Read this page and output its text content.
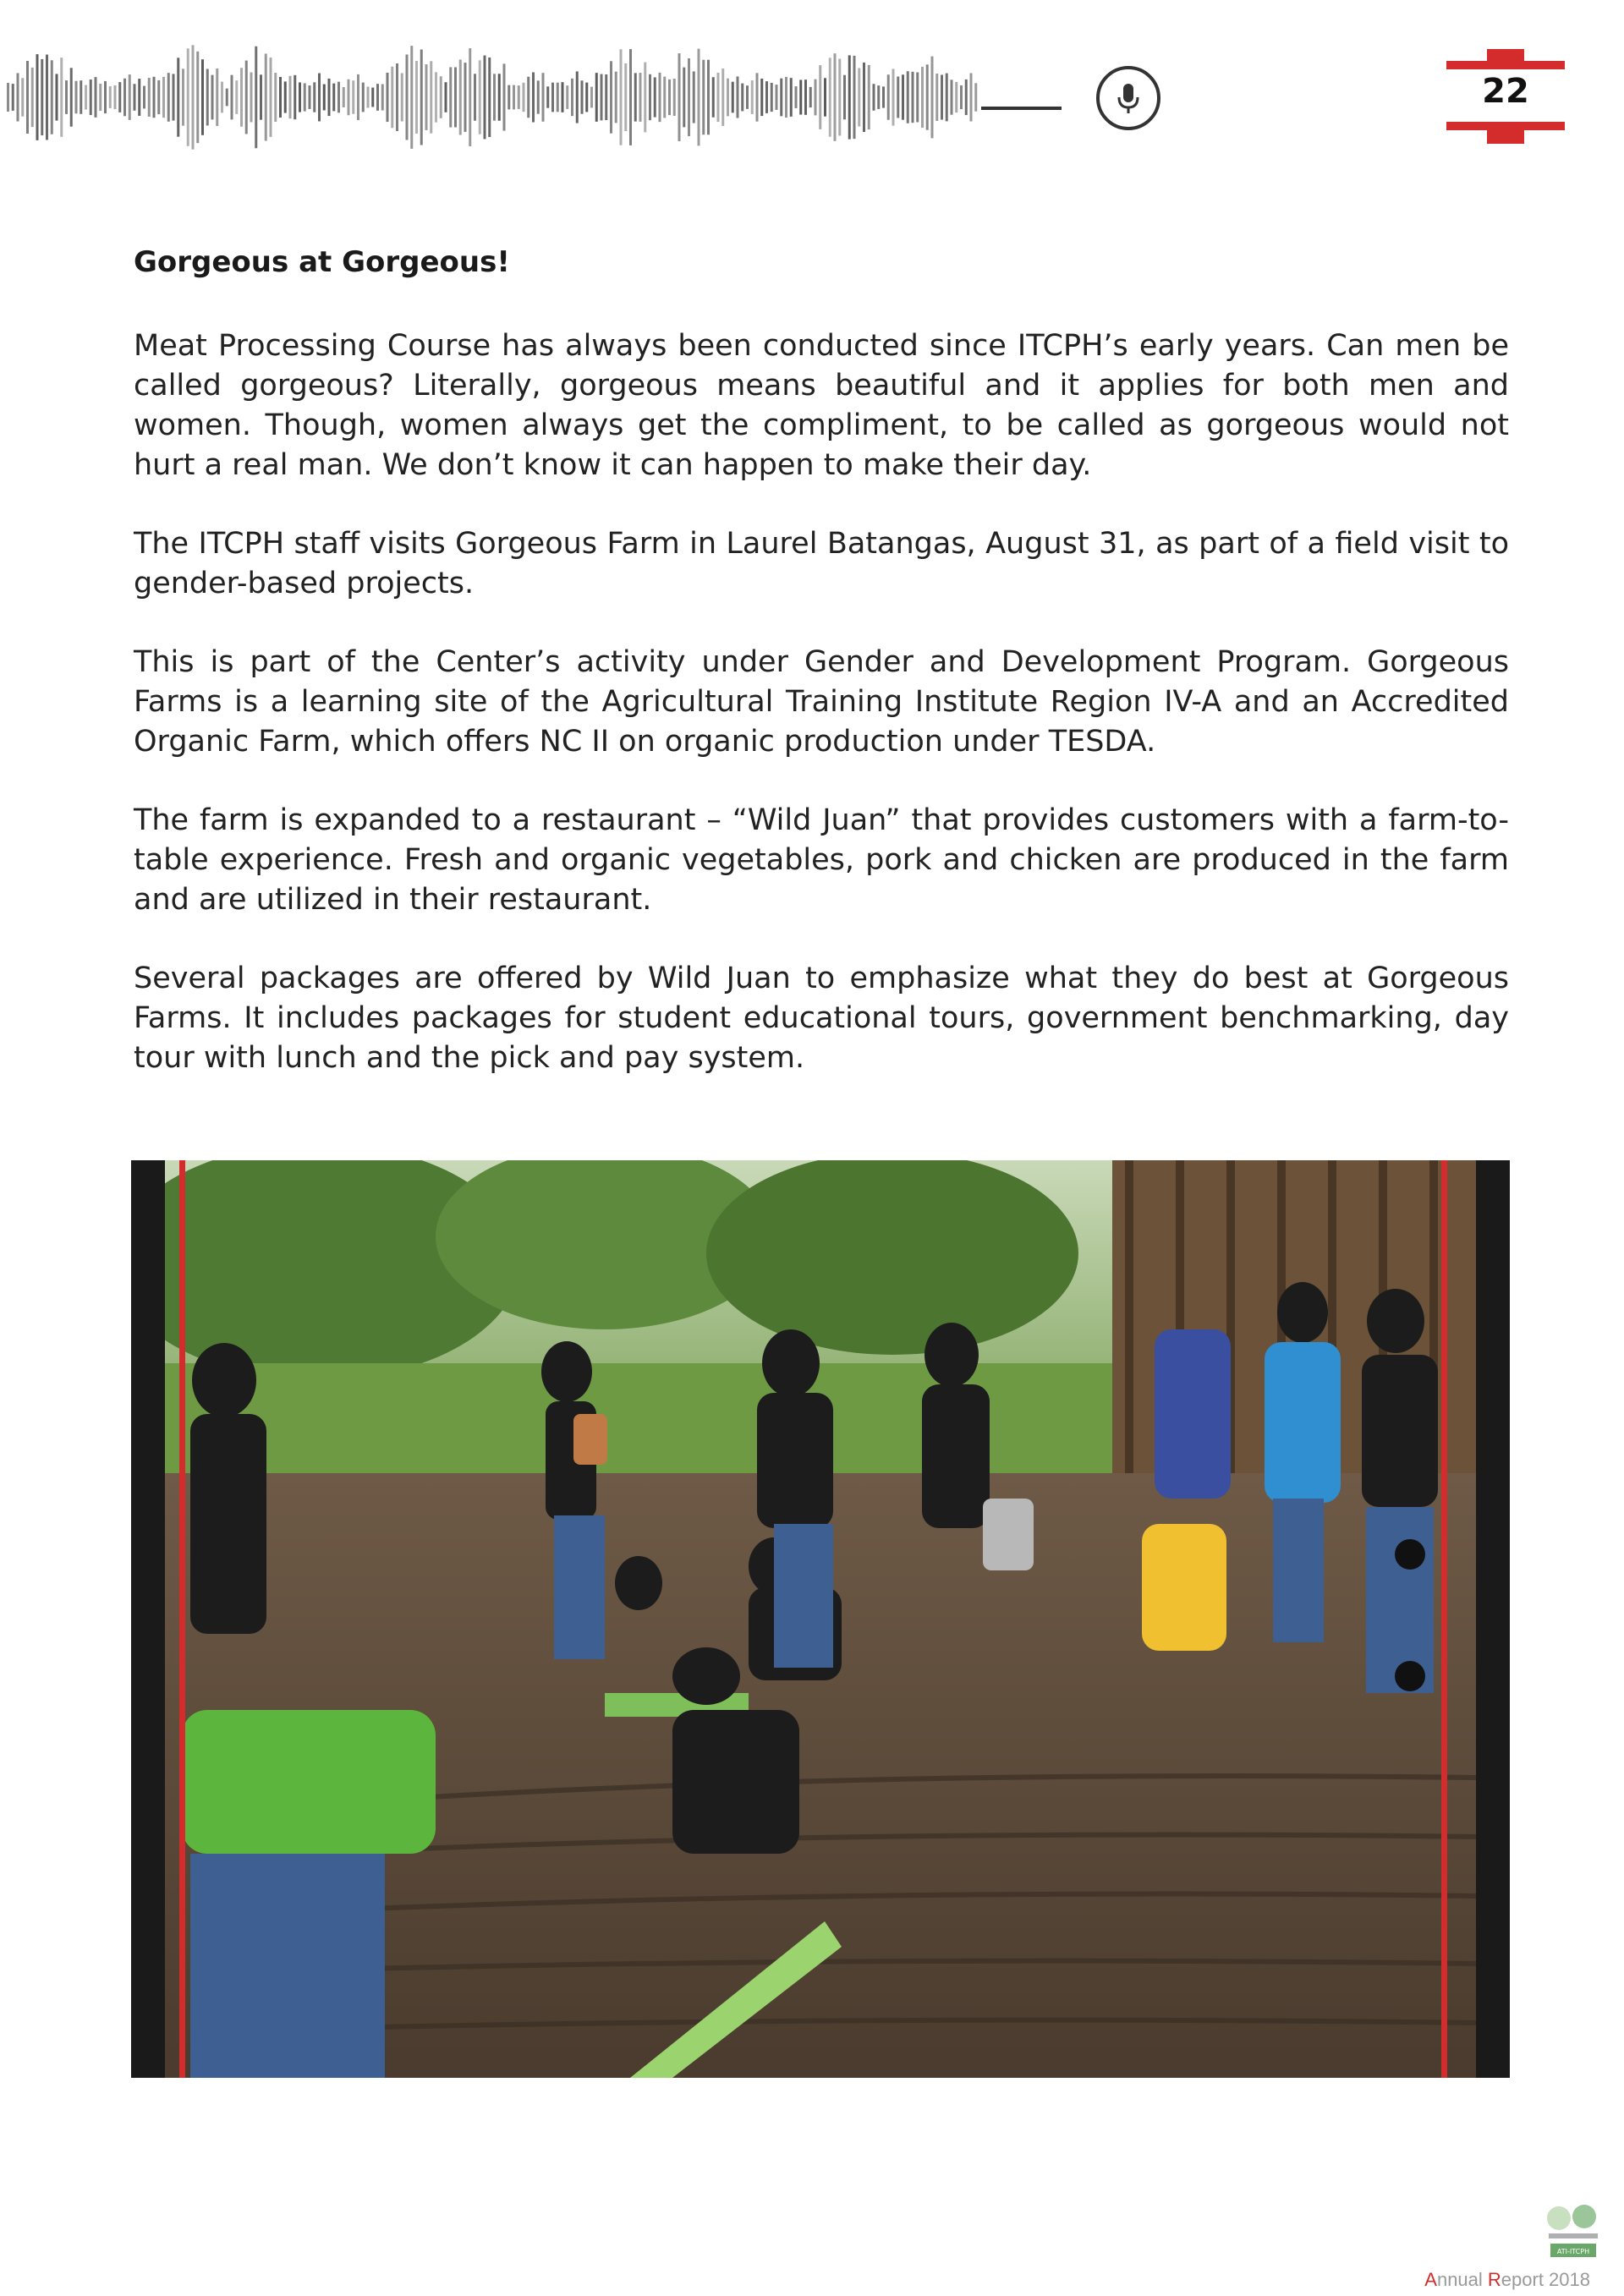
22
Gorgeous at Gorgeous!

Meat Processing Course has always been conducted since ITCPH’s early years. Can men be called gorgeous? Literally, gorgeous means beautiful and it applies for both men and women. Though, women always get the compliment, to be called as gorgeous would not hurt a real man. We don’t know it can happen to make their day.

The ITCPH staff visits Gorgeous Farm in Laurel Batangas, August 31, as part of a field visit to gender-based projects.

This is part of the Center’s activity under Gender and Development Program. Gorgeous Farms is a learning site of the Agricultural Training Institute Region IV-A and an Accredited Organic Farm, which offers NC II on organic production under TESDA.

The farm is expanded to a restaurant – “Wild Juan” that provides customers with a farm-to-table experience. Fresh and organic vegetables, pork and chicken are produced in the farm and are utilized in their restaurant.

Several packages are offered by Wild Juan to emphasize what they do best at Gorgeous Farms. It includes packages for student educational tours, government benchmarking, day tour with lunch and the pick and pay system.

ATI-ITCPH
Annual Report 2018
